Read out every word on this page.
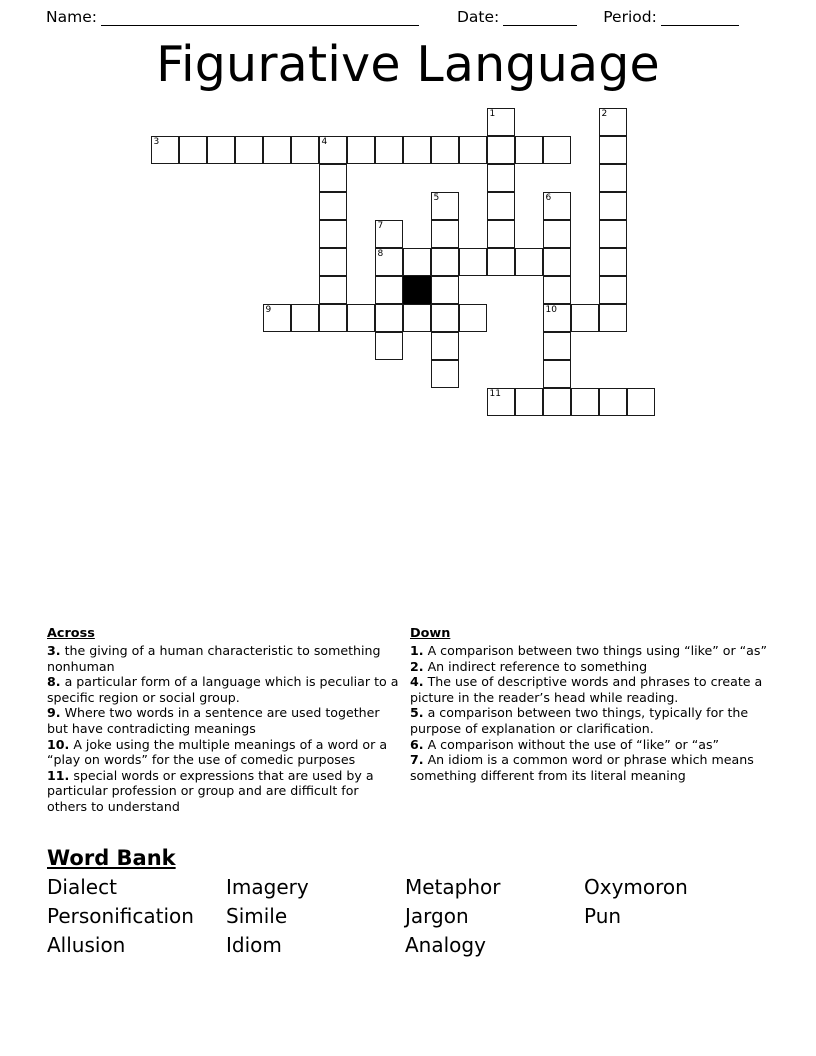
Name:	Date:	Period:
Figurative Language
1	2
3	4
5	6
7
8
9	10
11
Across

3. the giving of a human characteristic to something nonhuman

8. a particular form of a language which is peculiar to a specific region or social group.

9. Where two words in a sentence are used together but have contradicting meanings

10. A joke using the multiple meanings of a word or a “play on words” for the use of comedic purposes

11. special words or expressions that are used by a particular profession or group and are difficult for others to understand

Down

1. A comparison between two things using “like” or “as”

2. An indirect reference to something

4. The use of descriptive words and phrases to create a picture in the reader’s head while reading.

5. a comparison between two things, typically for the purpose of explanation or clarification.

6. A comparison without the use of “like” or “as”

7. An idiom is a common word or phrase which means something different from its literal meaning

Word Bank
Dialect	Imagery	Metaphor	Oxymoron
Personification	Simile	Jargon	Pun
Allusion	Idiom	Analogy
